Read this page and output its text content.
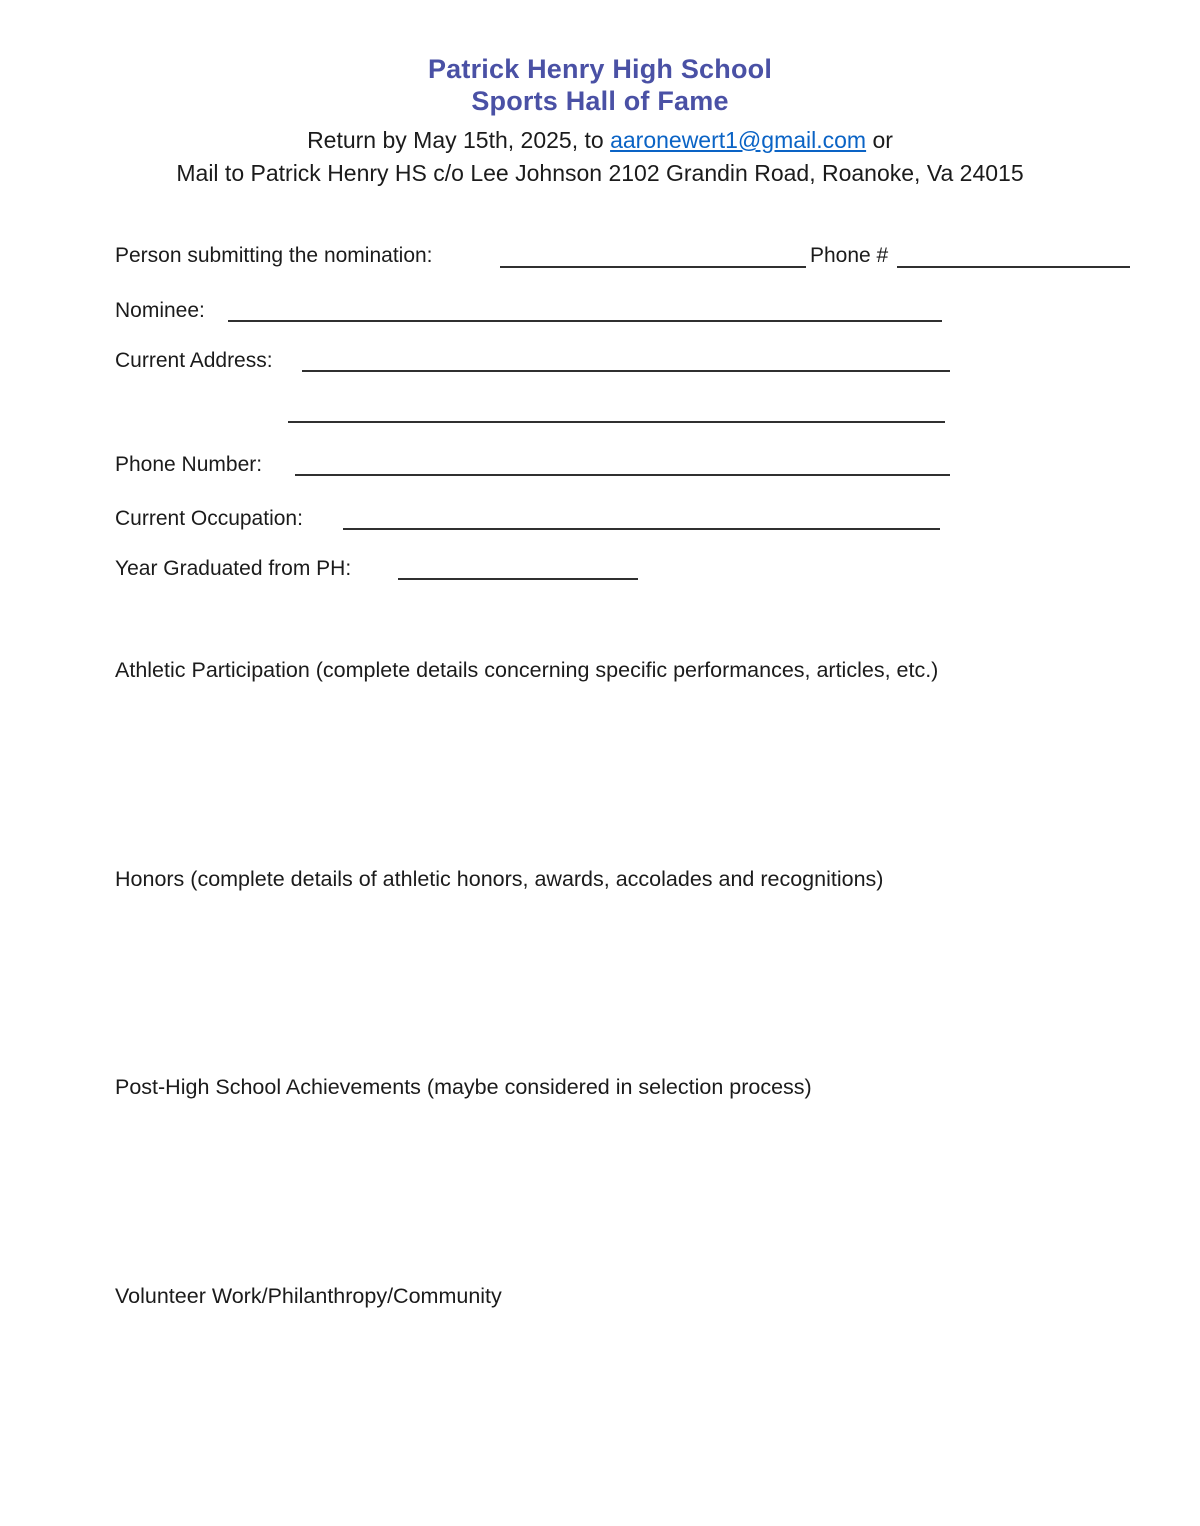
Patrick Henry High School
Sports Hall of Fame
Return by May 15th, 2025, to aaronewert1@gmail.com or
Mail to Patrick Henry HS c/o Lee Johnson 2102 Grandin Road, Roanoke, Va 24015
Person submitting the nomination:	Phone #
Nominee:
Current Address:
Phone Number:
Current Occupation:
Year Graduated from PH:
Athletic Participation (complete details concerning specific performances, articles, etc.)
Honors (complete details of athletic honors, awards, accolades and recognitions)
Post-High School Achievements (maybe considered in selection process)
Volunteer Work/Philanthropy/Community
